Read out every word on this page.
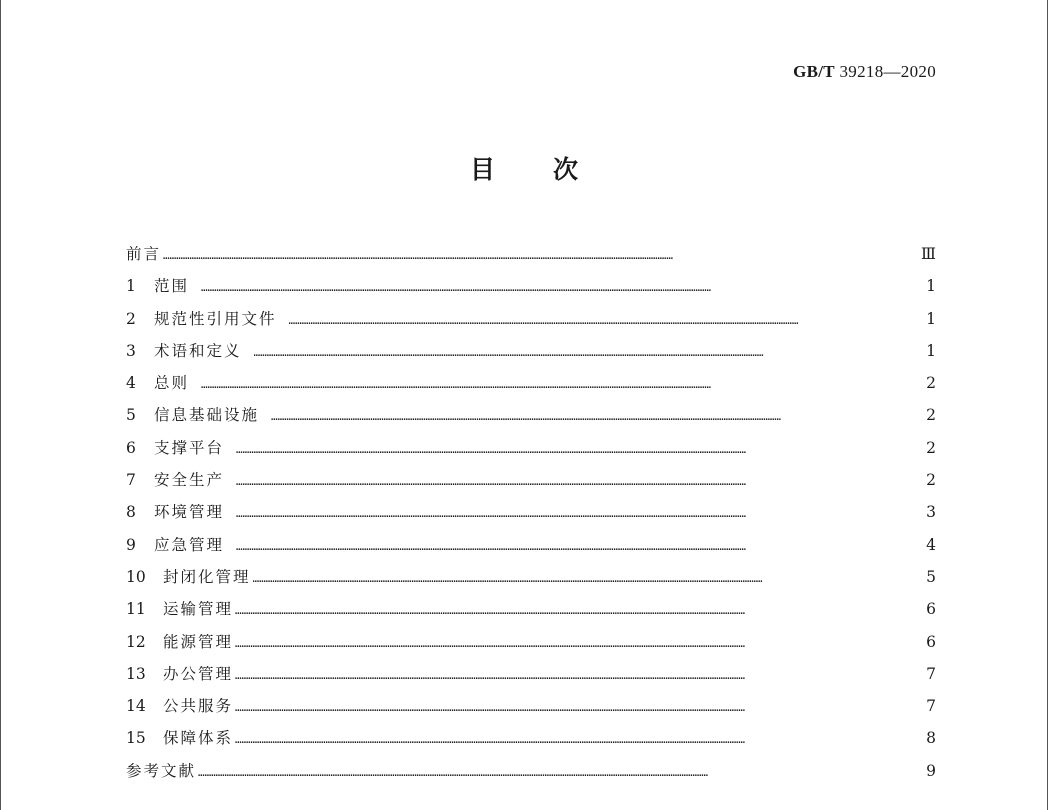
GB/T 39218—2020
目 次
前言 ……………………………………………………………………………………………………………………………………………………………………………………………………………	Ⅲ
1	范围 ……………………………………………………………………………………………………………………………………………………………………………………………………………	1
2	规范性引用文件 ……………………………………………………………………………………………………………………………………………………………………………………………………………	1
3	术语和定义 ……………………………………………………………………………………………………………………………………………………………………………………………………………	1
4	总则 ……………………………………………………………………………………………………………………………………………………………………………………………………………	2
5	信息基础设施 ……………………………………………………………………………………………………………………………………………………………………………………………………………	2
6	支撑平台 ……………………………………………………………………………………………………………………………………………………………………………………………………………	2
7	安全生产 ……………………………………………………………………………………………………………………………………………………………………………………………………………	2
8	环境管理 ……………………………………………………………………………………………………………………………………………………………………………………………………………	3
9	应急管理 ……………………………………………………………………………………………………………………………………………………………………………………………………………	4
10	封闭化管理 ……………………………………………………………………………………………………………………………………………………………………………………………………………	5
11	运输管理 ……………………………………………………………………………………………………………………………………………………………………………………………………………	6
12	能源管理 ……………………………………………………………………………………………………………………………………………………………………………………………………………	6
13	办公管理 ……………………………………………………………………………………………………………………………………………………………………………………………………………	7
14	公共服务 ……………………………………………………………………………………………………………………………………………………………………………………………………………	7
15	保障体系 ……………………………………………………………………………………………………………………………………………………………………………………………………………	8
参考文献 ……………………………………………………………………………………………………………………………………………………………………………………………………………	9
